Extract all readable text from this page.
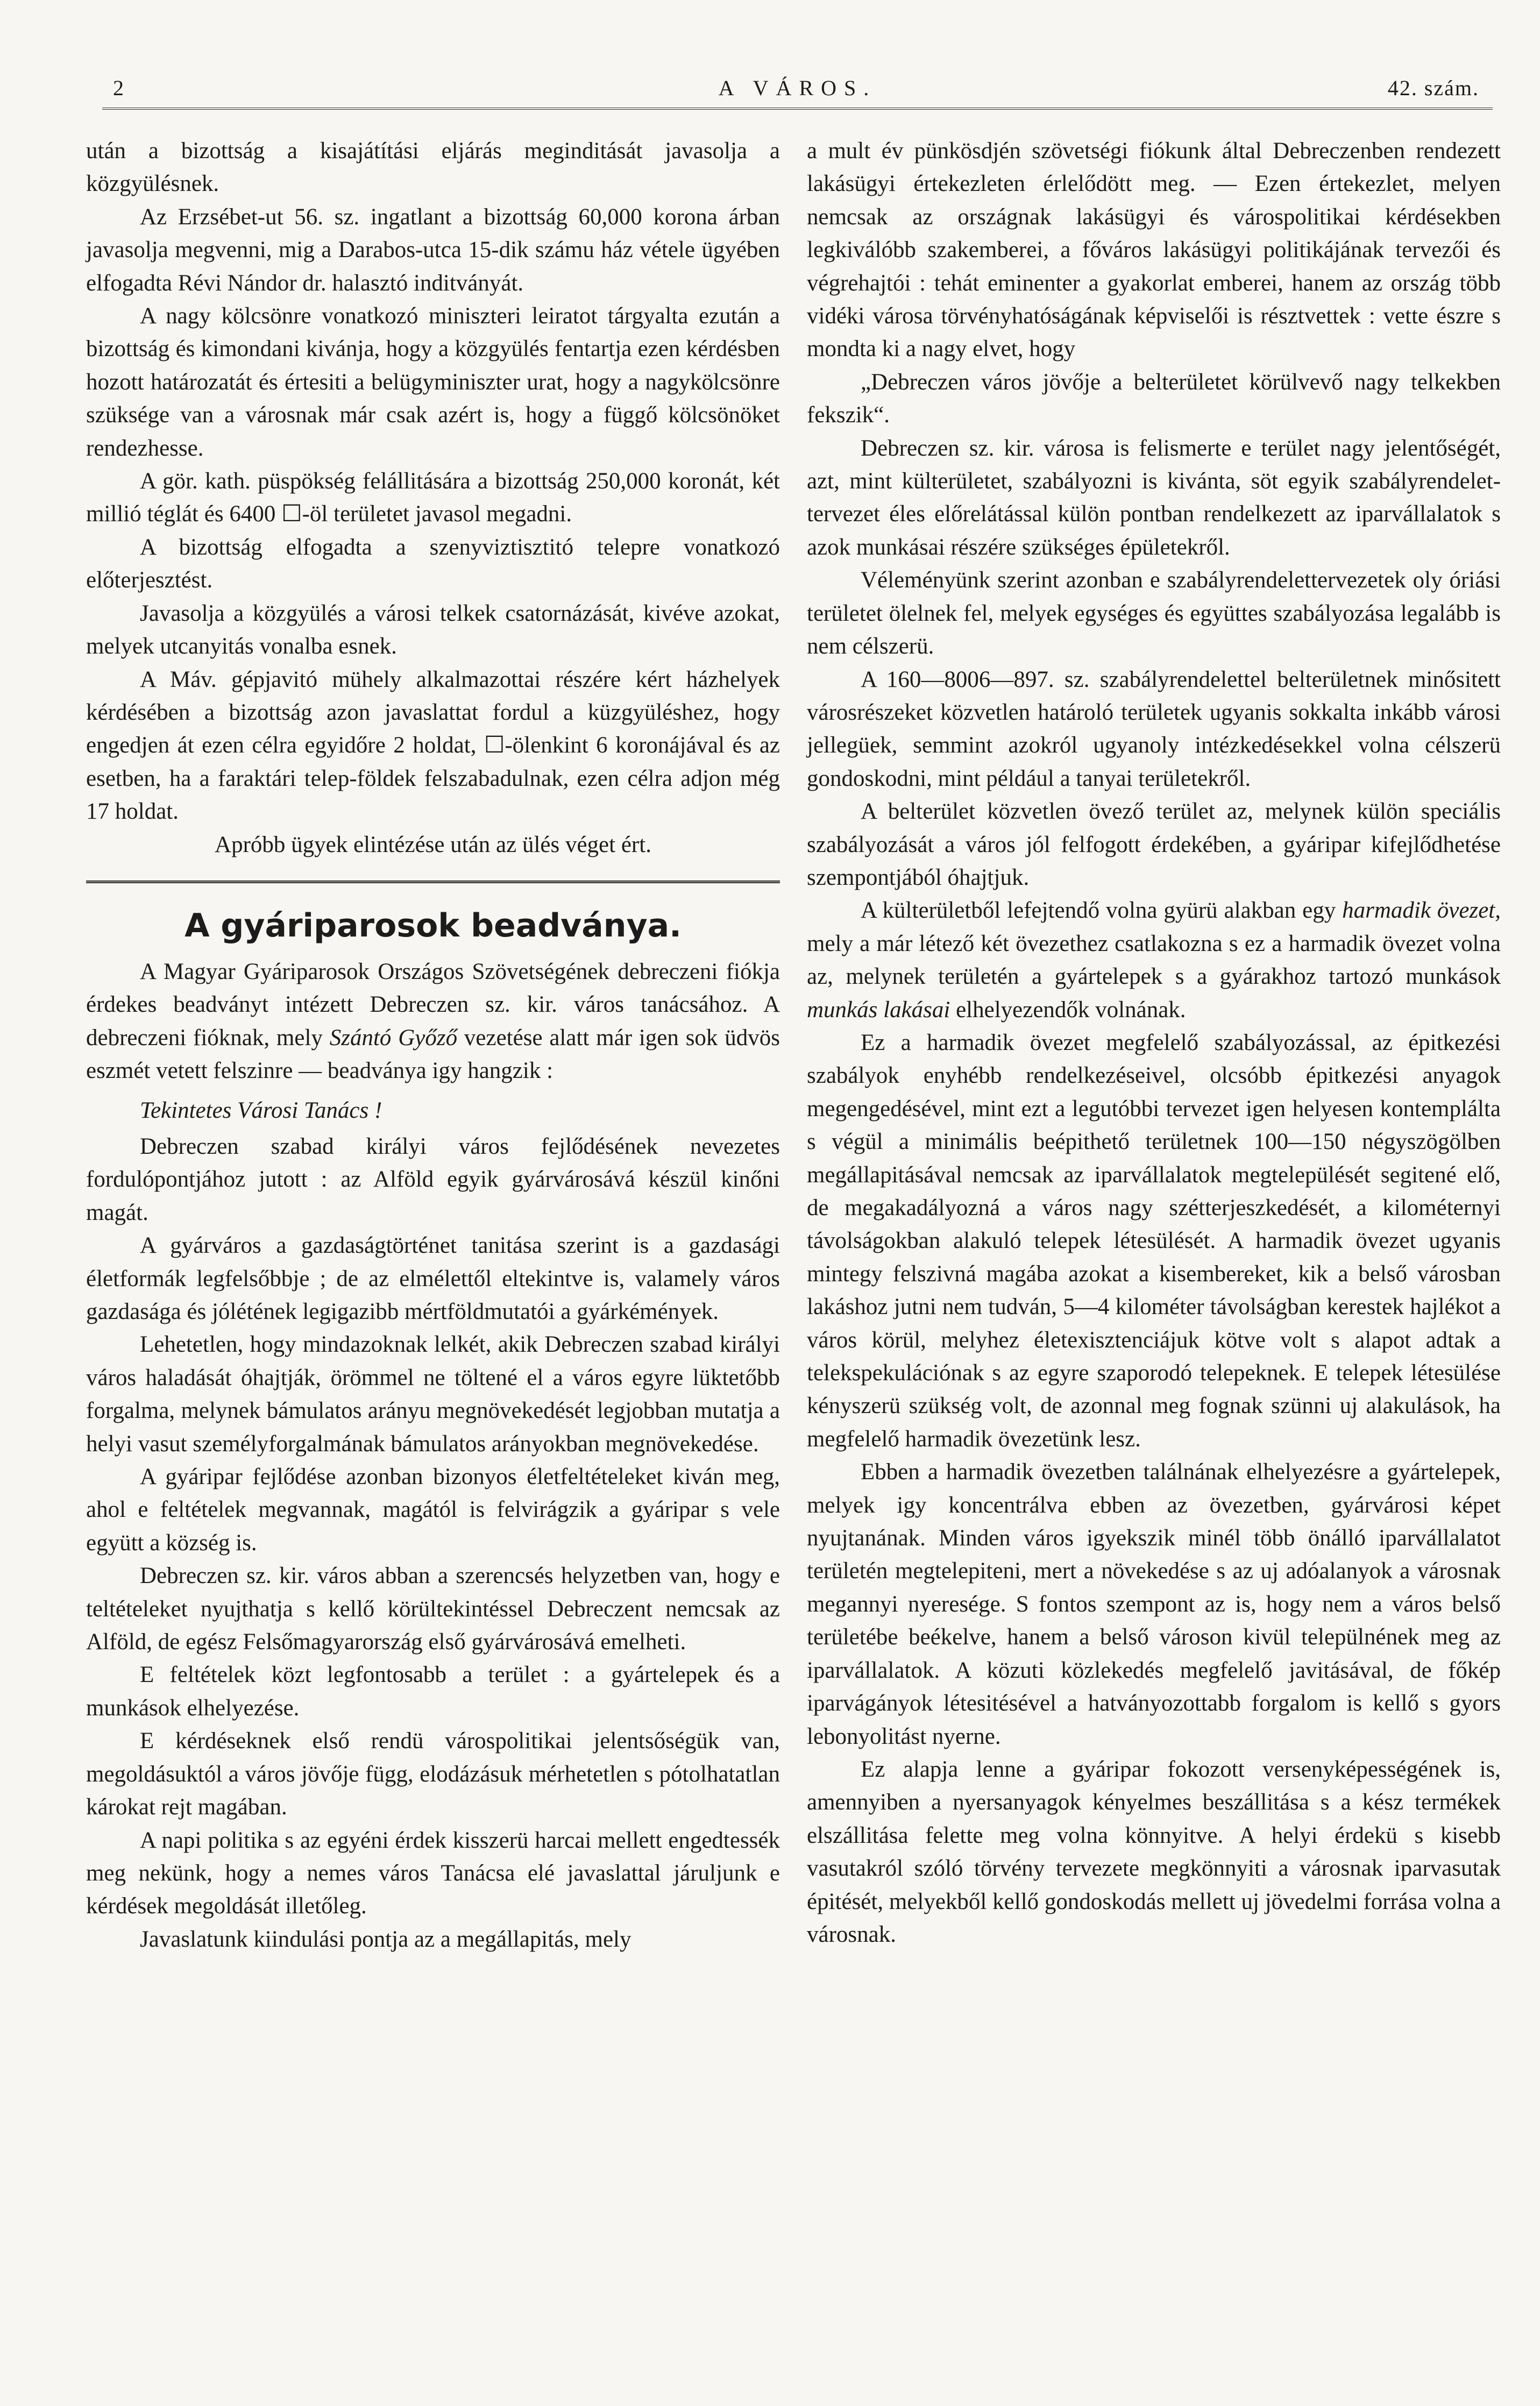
2	A VÁROS.	42. szám.

után a bizottság a kisajátítási eljárás meginditását javasolja a közgyülésnek.

Az Erzsébet-ut 56. sz. ingatlant a bizottság 60,000 korona árban javasolja megvenni, mig a Darabos-utca 15-dik számu ház vétele ügyében elfogadta Révi Nándor dr. halasztó inditványát.

A nagy kölcsönre vonatkozó miniszteri leiratot tárgyalta ezután a bizottság és kimondani kivánja, hogy a közgyülés fentartja ezen kérdésben hozott határozatát és értesiti a belügyminiszter urat, hogy a nagykölcsönre szüksége van a városnak már csak azért is, hogy a függő kölcsönöket rendezhesse.

A gör. kath. püspökség felállitására a bizottság 250,000 koronát, két millió téglát és 6400 ☐-öl területet javasol megadni.

A bizottság elfogadta a szenyviztisztitó telepre vonatkozó előterjesztést.

Javasolja a közgyülés a városi telkek csatornázását, kivéve azokat, melyek utcanyitás vonalba esnek.

A Máv. gépjavitó mühely alkalmazottai részére kért házhelyek kérdésében a bizottság azon javaslattat fordul a küzgyüléshez, hogy engedjen át ezen célra egyidőre 2 holdat, ☐-ölenkint 6 koronájával és az esetben, ha a faraktári telep-földek felszabadulnak, ezen célra adjon még 17 holdat.

Apróbb ügyek elintézése után az ülés véget ért.

A gyáriparosok beadványa.

A Magyar Gyáriparosok Országos Szövetségének debreczeni fiókja érdekes beadványt intézett Debreczen sz. kir. város tanácsához. A debreczeni fióknak, mely Szántó Győző vezetése alatt már igen sok üdvös eszmét vetett felszinre — beadványa igy hangzik :

Tekintetes Városi Tanács !

Debreczen szabad királyi város fejlődésének nevezetes fordulópontjához jutott : az Alföld egyik gyárvárosává készül kinőni magát.

A gyárváros a gazdaságtörténet tanitása szerint is a gazdasági életformák legfelsőbbje ; de az elmélettől eltekintve is, valamely város gazdasága és jólétének legigazibb mértföldmutatói a gyárkémények.

Lehetetlen, hogy mindazoknak lelkét, akik Debreczen szabad királyi város haladását óhajtják, örömmel ne töltené el a város egyre lüktetőbb forgalma, melynek bámulatos arányu megnövekedését legjobban mutatja a helyi vasut személyforgalmának bámulatos arányokban megnövekedése.

A gyáripar fejlődése azonban bizonyos életfeltételeket kiván meg, ahol e feltételek megvannak, magától is felvirágzik a gyáripar s vele együtt a község is.

Debreczen sz. kir. város abban a szerencsés helyzetben van, hogy e teltételeket nyujthatja s kellő körültekintéssel Debreczent nemcsak az Alföld, de egész Felsőmagyarország első gyárvárosává emelheti.

E feltételek közt legfontosabb a terület : a gyártelepek és a munkások elhelyezése.

E kérdéseknek első rendü várospolitikai jelentsőségük van, megoldásuktól a város jövője függ, elodázásuk mérhetetlen s pótolhatatlan károkat rejt magában.

A napi politika s az egyéni érdek kisszerü harcai mellett engedtessék meg nekünk, hogy a nemes város Tanácsa elé javaslattal járuljunk e kérdések megoldását illetőleg.

Javaslatunk kiindulási pontja az a megállapitás, mely

a mult év pünkösdjén szövetségi fiókunk által Debreczenben rendezett lakásügyi értekezleten érlelődött meg. — Ezen értekezlet, melyen nemcsak az országnak lakásügyi és várospolitikai kérdésekben legkiválóbb szakemberei, a főváros lakásügyi politikájának tervezői és végrehajtói : tehát eminenter a gyakorlat emberei, hanem az ország több vidéki városa törvényhatóságának képviselői is résztvettek : vette észre s mondta ki a nagy elvet, hogy

„Debreczen város jövője a belterületet körülvevő nagy telkekben fekszik“.

Debreczen sz. kir. városa is felismerte e terület nagy jelentőségét, azt, mint külterületet, szabályozni is kivánta, söt egyik szabályrendelet-tervezet éles előrelátással külön pontban rendelkezett az iparvállalatok s azok munkásai részére szükséges épületekről.

Véleményünk szerint azonban e szabályrendelettervezetek oly óriási területet ölelnek fel, melyek egységes és együttes szabályozása legalább is nem célszerü.

A 160—8006—897. sz. szabályrendelettel belterületnek minősitett városrészeket közvetlen határoló területek ugyanis sokkalta inkább városi jellegüek, semmint azokról ugyanoly intézkedésekkel volna célszerü gondoskodni, mint például a tanyai területekről.

A belterület közvetlen övező terület az, melynek külön speciális szabályozását a város jól felfogott érdekében, a gyáripar kifejlődhetése szempontjából óhajtjuk.

A külterületből lefejtendő volna gyürü alakban egy harmadik övezet, mely a már létező két övezethez csatlakozna s ez a harmadik övezet volna az, melynek területén a gyártelepek s a gyárakhoz tartozó munkások munkás lakásai elhelyezendők volnának.

Ez a harmadik övezet megfelelő szabályozással, az épitkezési szabályok enyhébb rendelkezéseivel, olcsóbb épitkezési anyagok megengedésével, mint ezt a legutóbbi tervezet igen helyesen kontemplálta s végül a minimális beépithető területnek 100—150 négyszögölben megállapitásával nemcsak az iparvállalatok megtelepülését segitené elő, de megakadályozná a város nagy szétterjeszkedését, a kilométernyi távolságokban alakuló telepek létesülését. A harmadik övezet ugyanis mintegy felszivná magába azokat a kisembereket, kik a belső városban lakáshoz jutni nem tudván, 5—4 kilométer távolságban kerestek hajlékot a város körül, melyhez életexisztenciájuk kötve volt s alapot adtak a telekspekulációnak s az egyre szaporodó telepeknek. E telepek létesülése kényszerü szükség volt, de azonnal meg fognak szünni uj alakulások, ha megfelelő harmadik övezetünk lesz.

Ebben a harmadik övezetben találnának elhelyezésre a gyártelepek, melyek igy koncentrálva ebben az övezetben, gyárvárosi képet nyujtanának. Minden város igyekszik minél több önálló iparvállalatot területén megtelepiteni, mert a növekedése s az uj adóalanyok a városnak megannyi nyeresége. S fontos szempont az is, hogy nem a város belső területébe beékelve, hanem a belső városon kivül települnének meg az iparvállalatok. A közuti közlekedés megfelelő javitásával, de főkép iparvágányok létesitésével a hatványozottabb forgalom is kellő s gyors lebonyolitást nyerne.

Ez alapja lenne a gyáripar fokozott versenyképességének is, amennyiben a nyersanyagok kényelmes beszállitása s a kész termékek elszállitása felette meg volna könnyitve. A helyi érdekü s kisebb vasutakról szóló törvény tervezete megkönnyiti a városnak iparvasutak épitését, melyekből kellő gondoskodás mellett uj jövedelmi forrása volna a városnak.
